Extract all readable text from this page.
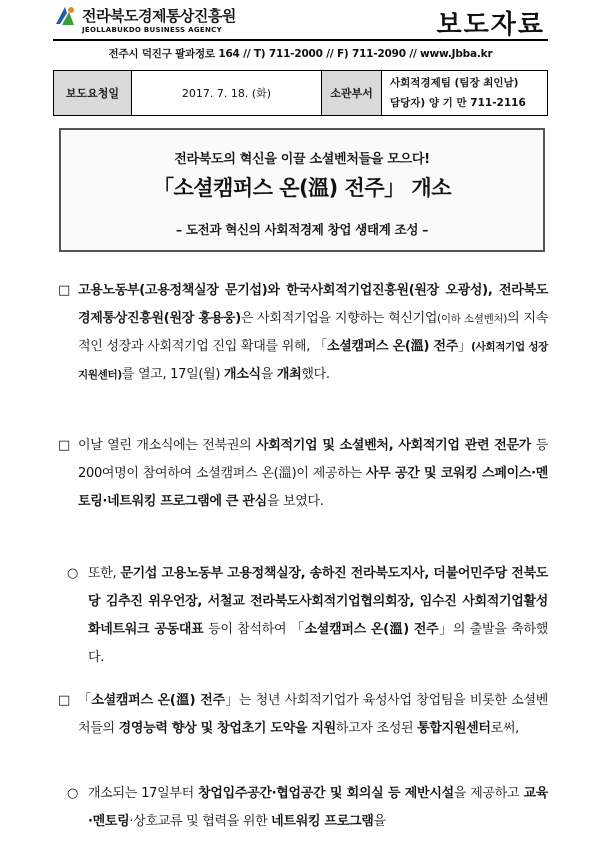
전라북도경제통상진흥원
JEOLLABUKDO BUSINESS AGENCY	보도자료
전주시 덕진구 팔과정로 164 // T) 711-2000 // F) 711-2090 // www.Jbba.kr
보도요청일	2017. 7. 18. (화)	소관부서
사회적경제팀 (팀장 최인남)
담당자) 양 기 만 711-2116
전라북도의 혁신을 이끌 소셜벤처들을 모으다!
「소셜캠퍼스 온(溫) 전주」 개소
– 도전과 혁신의 사회적경제 창업 생태계 조성 –
□ 고용노동부(고용정책실장 문기섭)와 한국사회적기업진흥원(원장 오광성), 전라북도경제통상진흥원(원장 홍용웅)은 사회적기업을 지향하는 혁신기업(이하 소셜벤처)의 지속적인 성장과 사회적기업 진입 확대를 위해, 「소셜캠퍼스 온(溫) 전주」(사회적기업 성장지원센터)를 열고, 17일(월) 개소식을 개최했다.
□ 이날 열린 개소식에는 전북권의 사회적기업 및 소셜벤처, 사회적기업 관련 전문가 등 200여명이 참여하여 소셜캠퍼스 온(溫)이 제공하는 사무 공간 및 코워킹 스페이스·멘토링·네트워킹 프로그램에 큰 관심을 보였다.
○ 또한, 문기섭 고용노동부 고용정책실장, 송하진 전라북도지사, 더불어민주당 전북도당 김추진 위우언장, 서철교 전라북도사회적기업협의회장, 임수진 사회적기업활성화네트워크 공동대표 등이 참석하여 「소셜캠퍼스 온(溫) 전주」의 출발을 축하했다.
□ 「소셜캠퍼스 온(溫) 전주」는 청년 사회적기업가 육성사업 창업팀을 비롯한 소셜벤처들의 경영능력 향상 및 창업초기 도약을 지원하고자 조성된 통합지원센터로써,
○ 개소되는 17일부터 창업입주공간·협업공간 및 회의실 등 제반시설을 제공하고 교육·멘토링·상호교류 및 협력을 위한 네트워킹 프로그램을
